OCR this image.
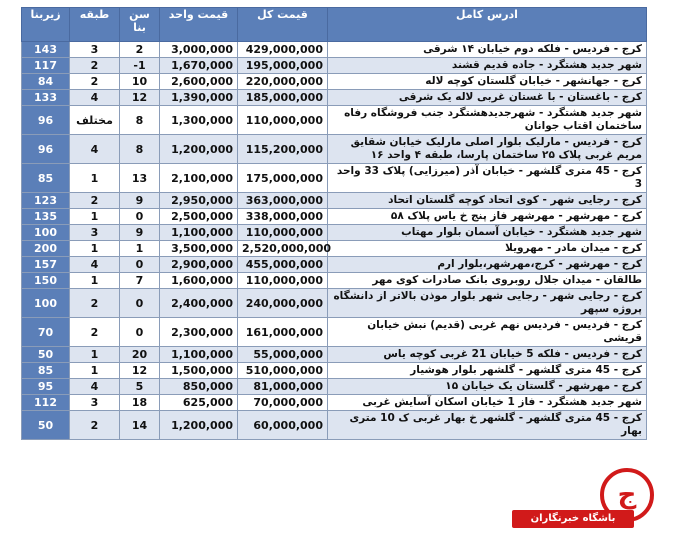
زیربنا	طبقه	سن بنا	قیمت واحد	قیمت کل	ادرس کامل
143	3	2	3,000,000	429,000,000	کرج - فردیس - فلکه دوم خیابان ۱۴ شرقی
117	2	-1	1,670,000	195,000,000	شهر جدید هشتگرد - جاده قدیم قشند
84	2	10	2,600,000	220,000,000	کرج - جهانشهر - خیابان گلستان کوچه لاله
133	4	12	1,390,000	185,000,000	کرج - باغستان - با غستان غربی لاله یک شرقی
96	مختلف	8	1,300,000	110,000,000	شهر جدید هشتگرد - شهرجدیدهشتگرد جنب فروشگاه رفاه ساختمان اقتاب جوانان
96	4	8	1,200,000	115,200,000	کرج - فردیس - مارلیک بلوار اصلی مارلیک خیابان شقایق مریم غربی پلاک ۲۵ ساختمان پارسا، طبقه ۴ واحد ۱۶
85	1	13	2,100,000	175,000,000	کرج - 45 متری گلشهر - خیابان آذر (میرزایی) پلاک 33 واحد 3
123	2	9	2,950,000	363,000,000	کرج - رجایی شهر - کوی اتحاد کوچه گلستان اتحاد
135	1	0	2,500,000	338,000,000	کرج - مهرشهر - مهرشهر فاز پنج خ یاس پلاک ۵۸
100	3	9	1,100,000	110,000,000	شهر جدید هشتگرد - خیابان آسمان بلوار مهتاب
200	1	1	3,500,000	2,520,000,000	کرج - میدان مادر - مهرویلا
157	4	0	2,900,000	455,000,000	کرج - مهرشهر - کرج،مهرشهر،بلوار ارم
150	1	7	1,600,000	110,000,000	طالقان - میدان جلال روبروی بانک صادرات کوی مهر
100	2	0	2,400,000	240,000,000	کرج - رجایی شهر - رجایی شهر بلوار موذن بالاتر از دانشگاه پروژه سپهر
70	2	0	2,300,000	161,000,000	کرج - فردیس - فردیس نهم غربی (قدیم) نبش خیابان قریشی
50	1	20	1,100,000	55,000,000	کرج - فردیس - فلکه 5 خیابان 21 غربی کوچه یاس
85	1	12	1,500,000	510,000,000	کرج - 45 متری گلشهر - گلشهر بلوار هوشیار
95	4	5	850,000	81,000,000	کرج - مهرشهر - گلستان یک خیابان ۱۵
112	3	18	625,000	70,000,000	شهر جدید هشتگرد - فاز 1 خیابان اسکان آسایش غربی
50	2	14	1,200,000	60,000,000	کرج - 45 متری گلشهر - گلشهر خ بهار غربی ک 10 متری بهار
ج
باشگاه خبرنگاران
